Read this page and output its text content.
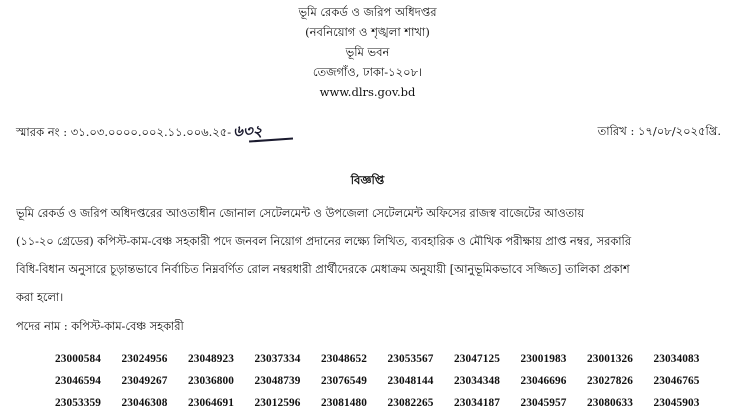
ভূমি রেকর্ড ও জরিপ অধিদপ্তর
(নবনিয়োগ ও শৃঙ্খলা শাখা)
ভূমি ভবন
তেজগাঁও, ঢাকা-১২০৮।
www.dlrs.gov.bd
স্মারক নং : ৩১.০৩.০০০০.০০২.১১.০০৬.২৫- ৬৩২	তারিখ : ১৭/০৮/২০২৫খ্রি.
বিজ্ঞপ্তি
ভূমি রেকর্ড ও জরিপ অধিদপ্তরের আওতাধীন জোনাল সেটেলমেন্ট ও উপজেলা সেটেলমেন্ট অফিসের রাজস্ব বাজেটের আওতায়
(১১-২০ গ্রেডের) কপিস্ট-কাম-বেঞ্চ সহকারী পদে জনবল নিয়োগ প্রদানের লক্ষ্যে লিখিত, ব্যবহারিক ও মৌখিক পরীক্ষায় প্রাপ্ত নম্বর, সরকারি
বিধি-বিধান অনুসারে চূড়ান্তভাবে নির্বাচিত নিম্নবর্ণিত রোল নম্বরধারী প্রার্থীদেরকে মেধাক্রম অনুযায়ী [আনুভূমিকভাবে সজ্জিত] তালিকা প্রকাশ
করা হলো।
পদের নাম : কপিস্ট-কাম-বেঞ্চ সহকারী
23000584 23024956 23048923 23037334 23048652 23053567 23047125 23001983 23001326 23034083
23046594 23049267 23036800 23048739 23076549 23048144 23034348 23046696 23027826 23046765
23053359 23046308 23064691 23012596 23081480 23082265 23034187 23045957 23080633 23045903
